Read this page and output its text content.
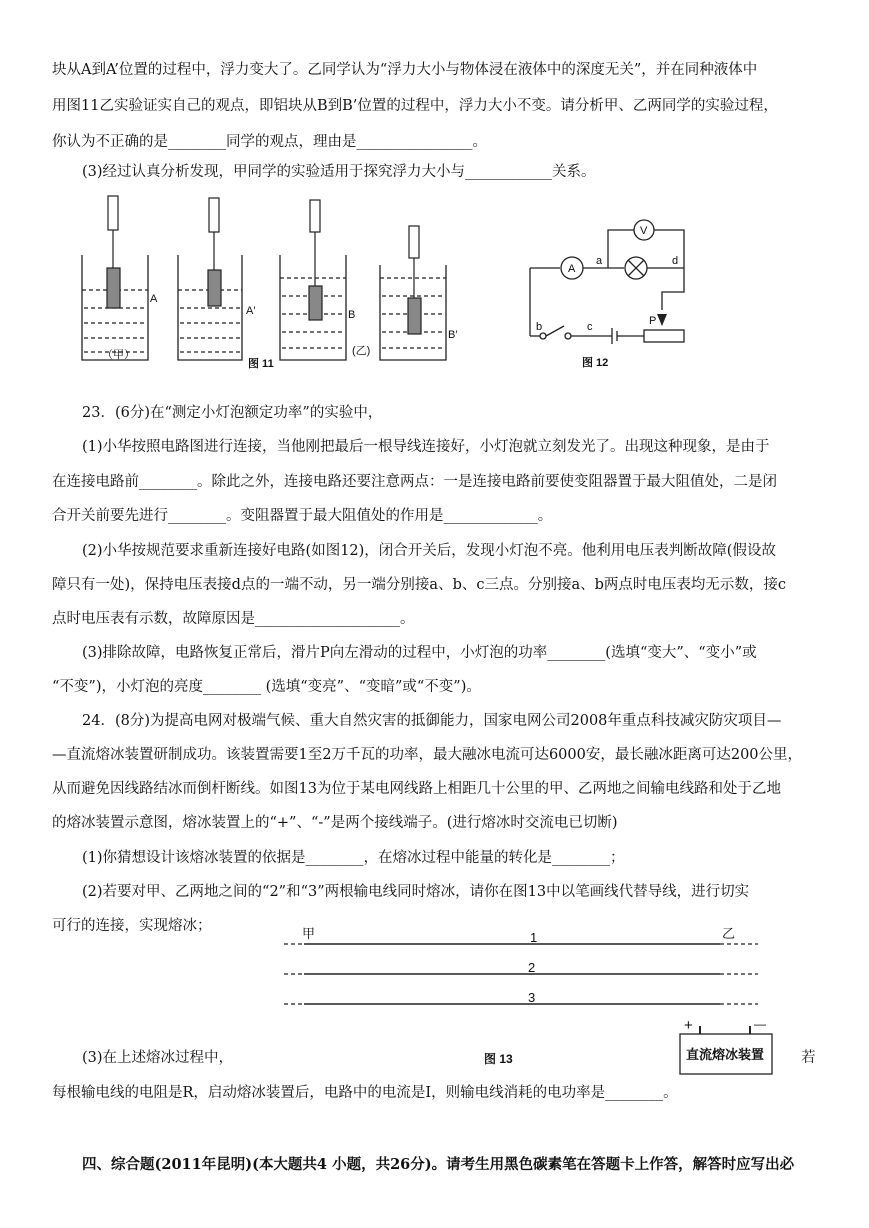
块从A到A’位置的过程中，浮力变大了。乙同学认为“浮力大小与物体浸在液体中的深度无关”，并在同种液体中
用图11乙实验证实自己的观点，即铝块从B到B’位置的过程中，浮力大小不变。请分析甲、乙两同学的实验过程，
你认为不正确的是________同学的观点，理由是________________。
(3)经过认真分析发现，甲同学的实验适用于探究浮力大小与____________关系。
A
A′	B
B′
（甲）
图 11
(乙)
A
V
a	d
b	c	P
图 12
23．(6分)在“测定小灯泡额定功率”的实验中，
(1)小华按照电路图进行连接，当他刚把最后一根导线连接好，小灯泡就立刻发光了。出现这种现象，是由于
在连接电路前________。除此之外，连接电路还要注意两点：一是连接电路前要使变阻器置于最大阻值处，二是闭
合开关前要先进行________。变阻器置于最大阻值处的作用是_____________。
(2)小华按规范要求重新连接好电路(如图12)，闭合开关后，发现小灯泡不亮。他利用电压表判断故障(假设故
障只有一处)，保持电压表接d点的一端不动，另一端分别接a、b、c三点。分别接a、b两点时电压表均无示数，接c
点时电压表有示数，故障原因是____________________。
(3)排除故障，电路恢复正常后，滑片P向左滑动的过程中，小灯泡的功率________(选填“变大”、“变小”或
“不变”)，小灯泡的亮度________ (选填“变亮”、“变暗”或“不变”)。
24．(8分)为提高电网对极端气候、重大自然灾害的抵御能力，国家电网公司2008年重点科技减灾防灾项目—
—直流熔冰装置研制成功。该装置需要1至2万千瓦的功率，最大融冰电流可达6000安，最长融冰距离可达200公里，
从而避免因线路结冰而倒杆断线。如图13为位于某电网线路上相距几十公里的甲、乙两地之间输电线路和处于乙地
的熔冰装置示意图，熔冰装置上的“+”、“-”是两个接线端子。(进行熔冰时交流电已切断)
(1)你猜想设计该熔冰装置的依据是________，在熔冰过程中能量的转化是________；
(2)若要对甲、乙两地之间的“2”和“3”两根输电线同时熔冰，请你在图13中以笔画线代替导线，进行切实
可行的连接，实现熔冰；	甲	乙
1
2
3
+	—
直流熔冰装置
图 13
(3)在上述熔冰过程中，	若
每根输电线的电阻是R，启动熔冰装置后，电路中的电流是I，则输电线消耗的电功率是________。
四、综合题(2011年昆明)(本大题共4 小题，共26分)。请考生用黑色碳素笔在答题卡上作答，解答时应写出必
